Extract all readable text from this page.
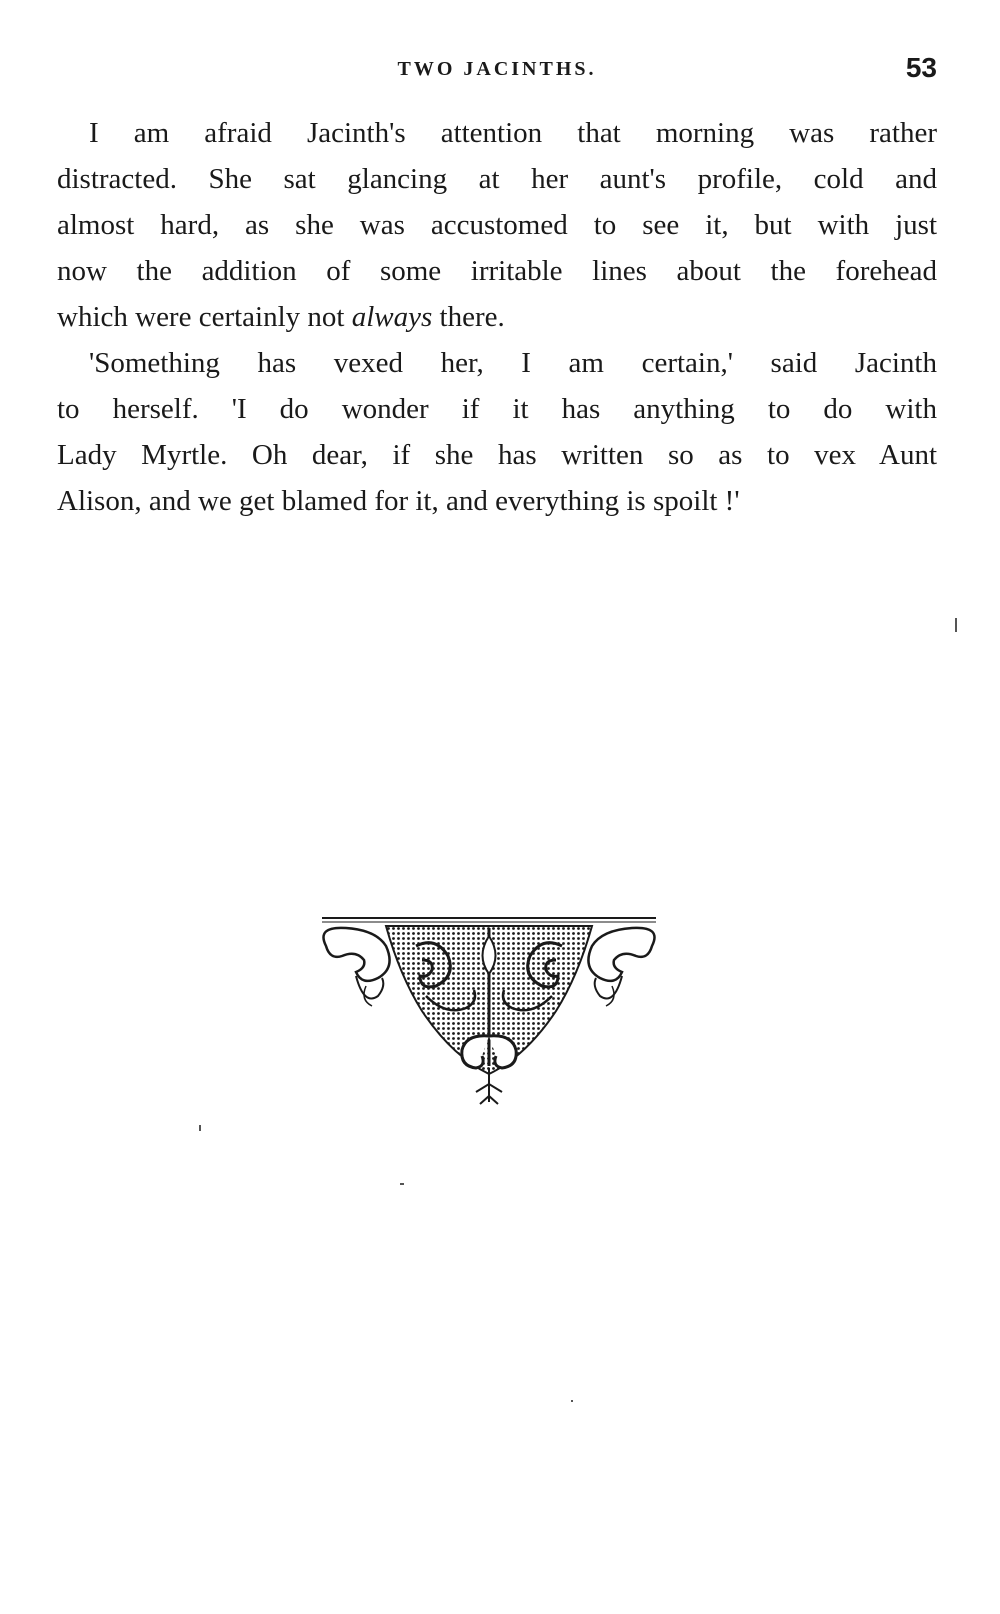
TWO JACINTHS.	53
I am afraid Jacinth's attention that morning was rather
distracted. She sat glancing at her aunt's profile, cold and
almost hard, as she was accustomed to see it, but with just
now the addition of some irritable lines about the forehead
which were certainly not always there.
'Something has vexed her, I am certain,' said Jacinth
to herself. 'I do wonder if it has anything to do with
Lady Myrtle. Oh dear, if she has written so as to vex Aunt
Alison, and we get blamed for it, and everything is spoilt !'
